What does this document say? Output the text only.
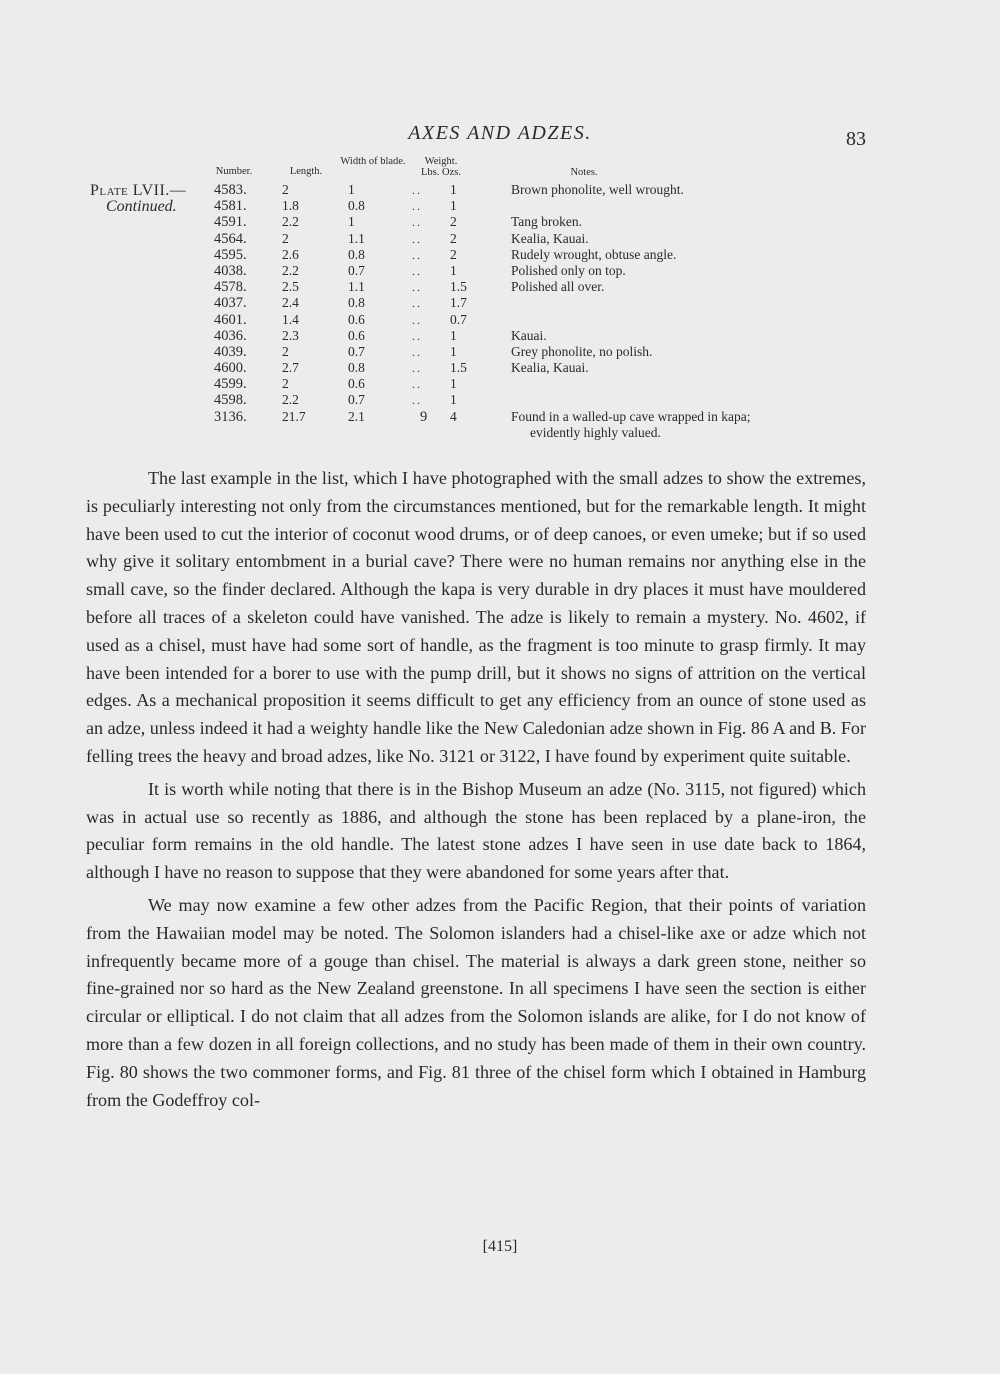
AXES AND ADZES.	83
Number.	Length.
Width of blade.	Weight.
Lbs. Ozs.	Notes.
Plate LVII.—
Continued.
4583.	2	1	.. 1	Brown phonolite, well wrought.
4581.	1.8	0.8	.. 1
4591.	2.2	1	.. 2	Tang broken.
4564.	2	1.1	.. 2	Kealia, Kauai.
4595.	2.6	0.8	.. 2	Rudely wrought, obtuse angle.
4038.	2.2	0.7	.. 1	Polished only on top.
4578.	2.5	1.1	.. 1.5	Polished all over.
4037.	2.4	0.8	.. 1.7
4601.	1.4	0.6	.. 0.7
4036.	2.3	0.6	.. 1	Kauai.
4039.	2	0.7	.. 1	Grey phonolite, no polish.
4600.	2.7	0.8	.. 1.5	Kealia, Kauai.
4599.	2	0.6	.. 1
4598.	2.2	0.7	.. 1
3136.	21.7	2.1	9 4	Found in a walled-up cave wrapped in kapa;
evidently highly valued.

The last example in the list, which I have photographed with the small adzes to show the extremes, is peculiarly interesting not only from the circumstances mentioned, but for the remarkable length. It might have been used to cut the interior of coconut wood drums, or of deep canoes, or even umeke; but if so used why give it solitary entombment in a burial cave? There were no human remains nor anything else in the small cave, so the finder declared. Although the kapa is very durable in dry places it must have mouldered before all traces of a skeleton could have vanished. The adze is likely to remain a mystery. No. 4602, if used as a chisel, must have had some sort of handle, as the fragment is too minute to grasp firmly. It may have been intended for a borer to use with the pump drill, but it shows no signs of attrition on the vertical edges. As a mechanical proposition it seems difficult to get any efficiency from an ounce of stone used as an adze, unless indeed it had a weighty handle like the New Caledonian adze shown in Fig. 86 A and B. For felling trees the heavy and broad adzes, like No. 3121 or 3122, I have found by experiment quite suitable.

It is worth while noting that there is in the Bishop Museum an adze (No. 3115, not figured) which was in actual use so recently as 1886, and although the stone has been replaced by a plane-iron, the peculiar form remains in the old handle. The latest stone adzes I have seen in use date back to 1864, although I have no reason to suppose that they were abandoned for some years after that.

We may now examine a few other adzes from the Pacific Region, that their points of variation from the Hawaiian model may be noted. The Solomon islanders had a chisel-like axe or adze which not infrequently became more of a gouge than chisel. The material is always a dark green stone, neither so fine-grained nor so hard as the New Zealand greenstone. In all specimens I have seen the section is either circular or elliptical. I do not claim that all adzes from the Solomon islands are alike, for I do not know of more than a few dozen in all foreign collections, and no study has been made of them in their own country. Fig. 80 shows the two commoner forms, and Fig. 81 three of the chisel form which I obtained in Hamburg from the Godeffroy col-

[415]
